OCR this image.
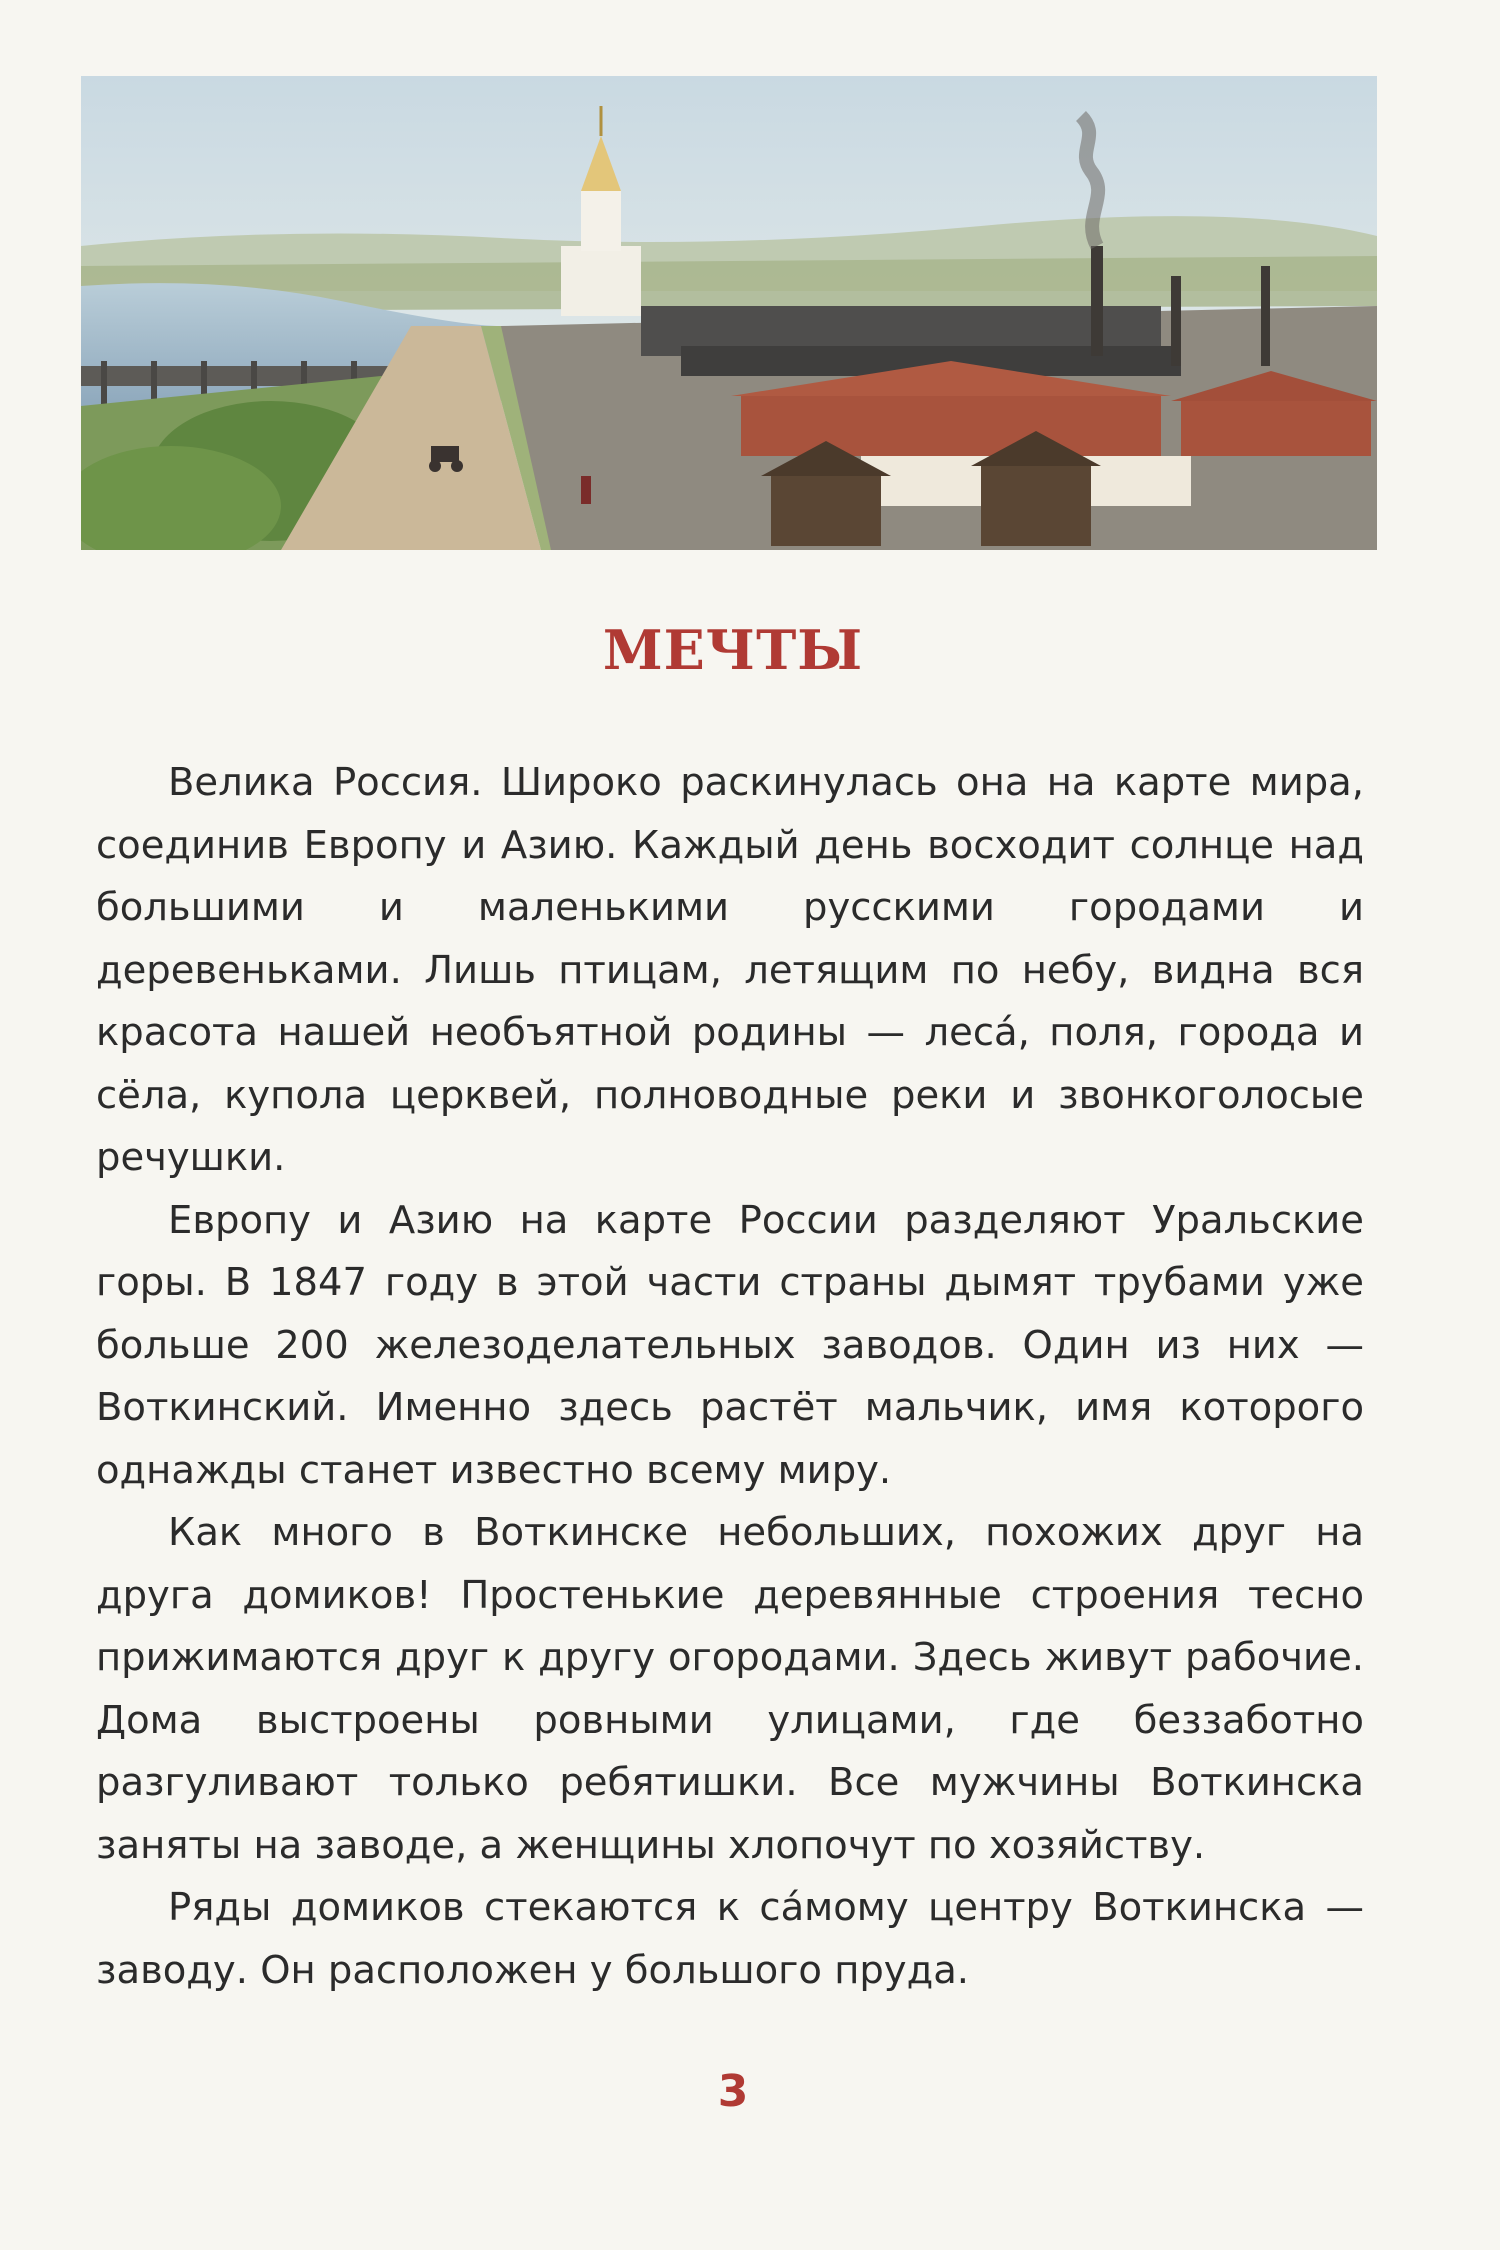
МЕЧТЫ

Велика Россия. Широко раскинулась она на карте мира, соединив Европу и Азию. Каждый день восходит солнце над большими и маленькими русскими городами и деревеньками. Лишь птицам, летящим по небу, видна вся красота нашей необъятной родины — леса́, поля, города и сёла, купола церквей, полноводные реки и звонкоголосые речушки.

Европу и Азию на карте России разделяют Уральские горы. В 1847 году в этой части страны дымят трубами уже больше 200 железоделательных заводов. Один из них — Воткинский. Именно здесь растёт мальчик, имя которого однажды станет известно всему миру.

Как много в Воткинске небольших, похожих друг на друга домиков! Простенькие деревянные строения тесно прижимаются друг к другу огородами. Здесь живут рабочие. Дома выстроены ровными улицами, где беззаботно разгуливают только ребятишки. Все мужчины Воткинска заняты на заводе, а женщины хлопочут по хозяйству.

Ряды домиков стекаются к са́мому центру Воткинска — заводу. Он расположен у большого пруда.

3
